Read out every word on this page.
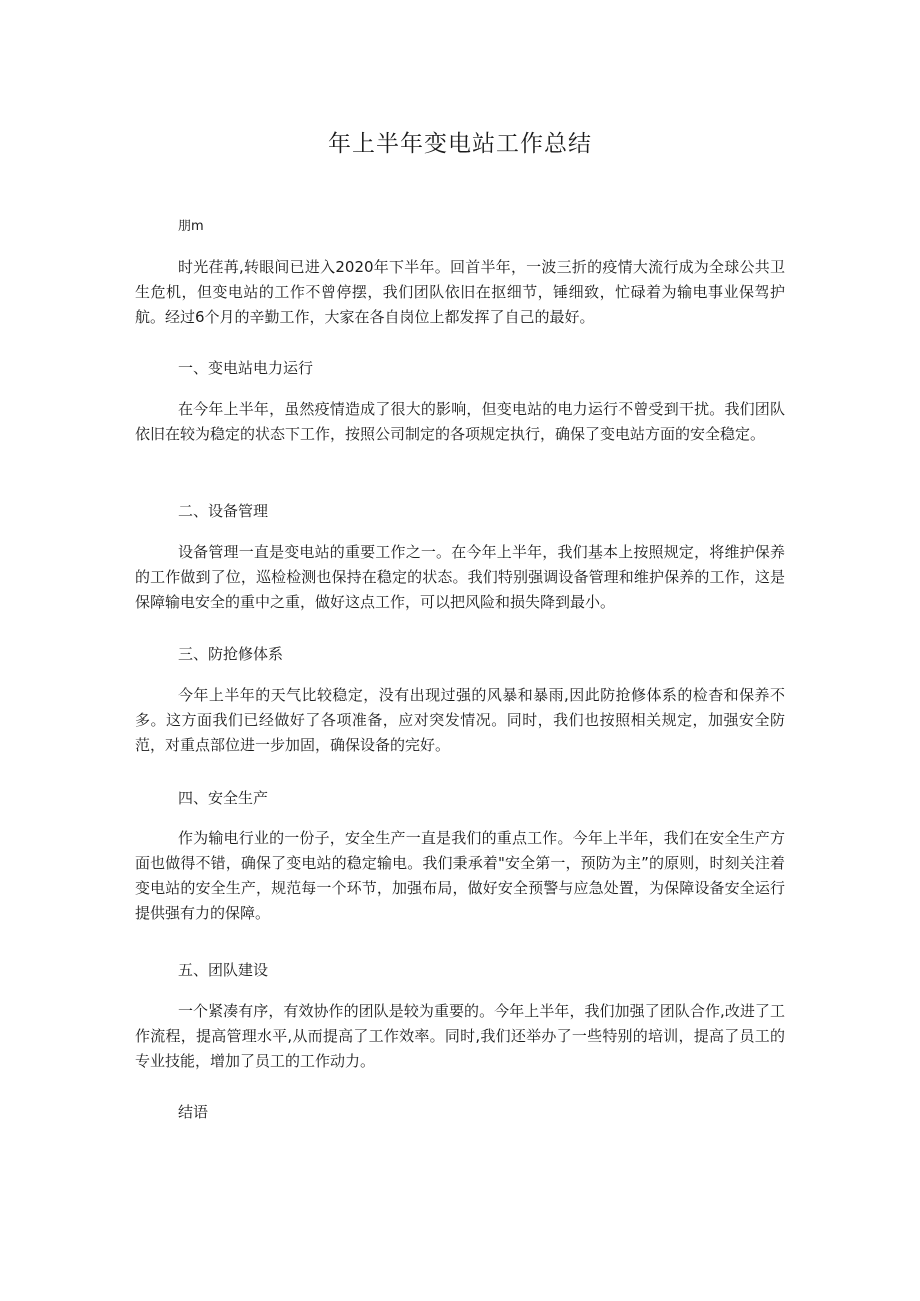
年上半年变电站工作总结

朋m

时光荏苒,转眼间已进入2020年下半年。回首半年，一波三折的疫情大流行成为全球公共卫生危机，但变电站的工作不曾停摆，我们团队依旧在抠细节，锤细致，忙碌着为输电事业保驾护航。经过6个月的辛勤工作，大家在各自岗位上都发挥了自己的最好。

一、变电站电力运行

在今年上半年，虽然疫情造成了很大的影响，但变电站的电力运行不曾受到干扰。我们团队依旧在较为稳定的状态下工作，按照公司制定的各项规定执行，确保了变电站方面的安全稳定。

二、设备管理

设备管理一直是变电站的重要工作之一。在今年上半年，我们基本上按照规定，将维护保养的工作做到了位，巡检检测也保持在稳定的状态。我们特别强调设备管理和维护保养的工作，这是保障输电安全的重中之重，做好这点工作，可以把风险和损失降到最小。

三、防抢修体系

今年上半年的天气比较稳定，没有出现过强的风暴和暴雨,因此防抢修体系的检杳和保养不多。这方面我们已经做好了各项准备，应对突发情况。同时，我们也按照相关规定，加强安全防范，对重点部位进一步加固，确保设备的完好。

四、安全生产

作为输电行业的一份子，安全生产一直是我们的重点工作。今年上半年，我们在安全生产方面也做得不错，确保了变电站的稳定输电。我们秉承着"安全第一，预防为主”的原则，时刻关注着变电站的安全生产，规范每一个环节，加强布局，做好安全预警与应急处置，为保障设备安全运行提供强有力的保障。

五、团队建设

一个紧凑有序，有效协作的团队是较为重要的。今年上半年，我们加强了团队合作,改进了工作流程，提高管理水平,从而提高了工作效率。同时,我们还举办了一些特别的培训，提高了员工的专业技能，增加了员工的工作动力。

结语
